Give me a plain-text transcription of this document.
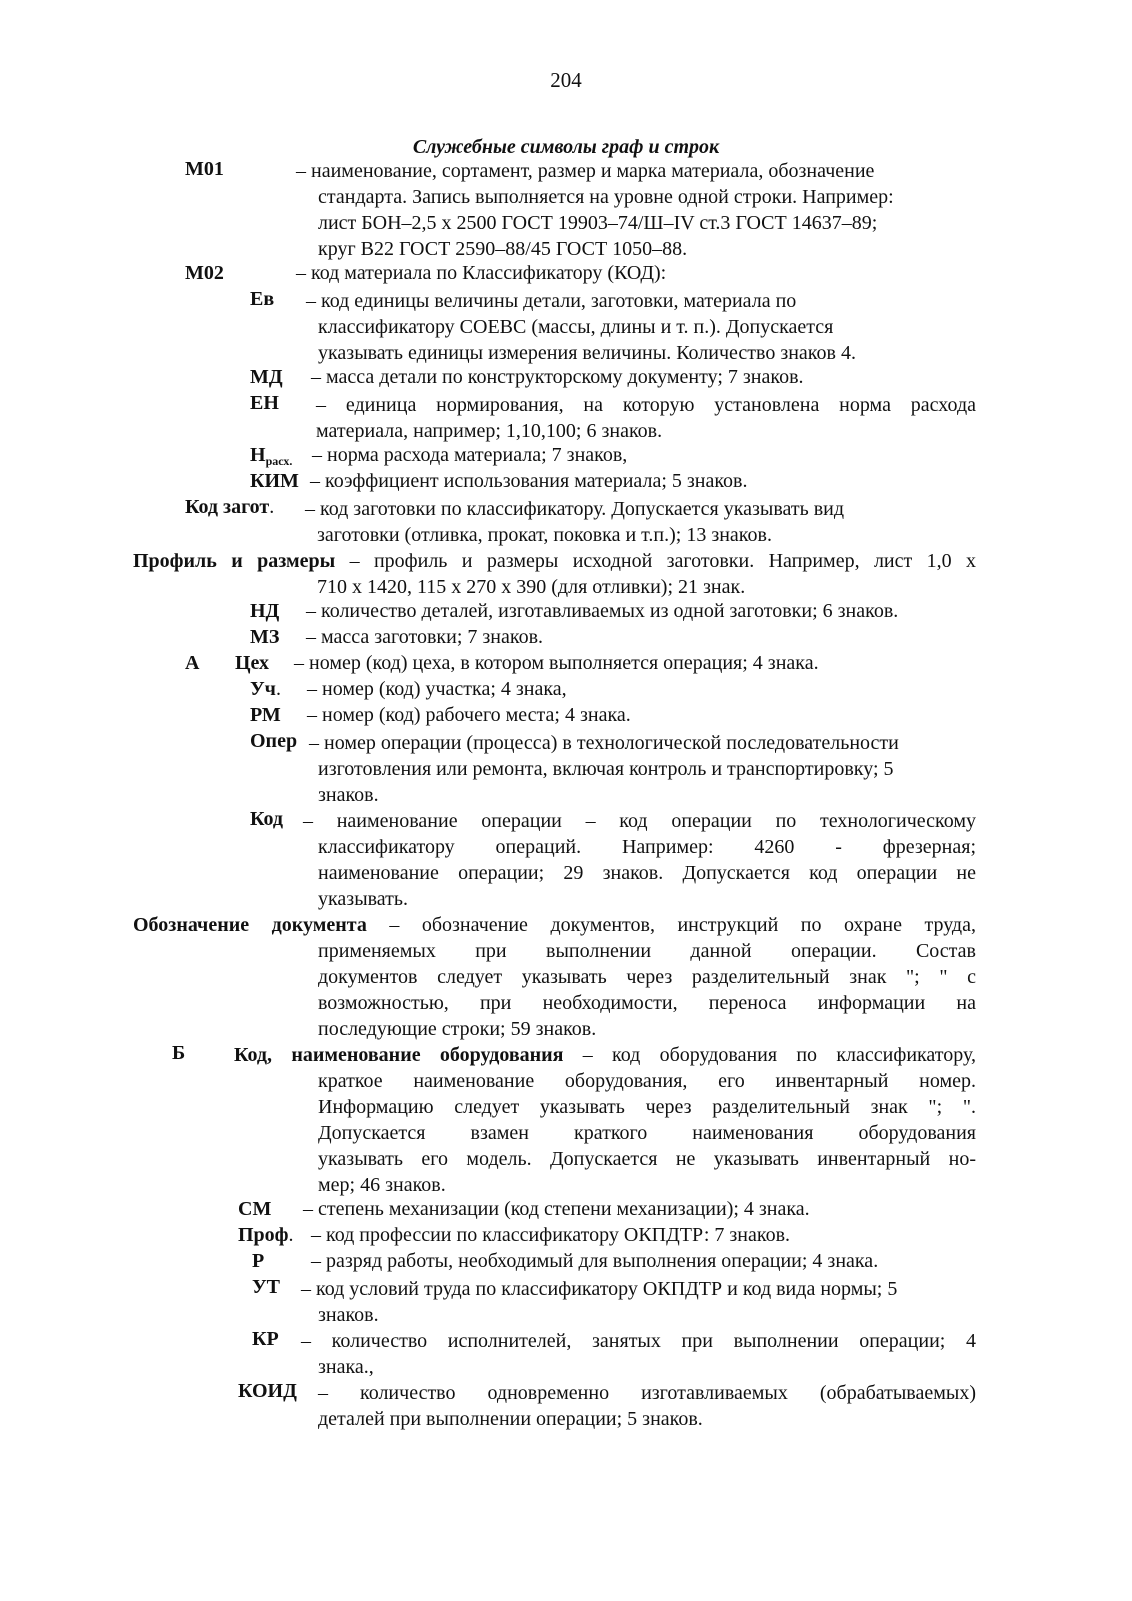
204
Служебные символы граф и строк
М01	– наименование, сортамент, размер и марка материала, обозначение
стандарта. Запись выполняется на уровне одной строки. Например:
лист БОН–2,5 х 2500 ГОСТ 19903–74/Ш–IV ст.3 ГОСТ 14637–89;
круг В22 ГОСТ 2590–88/45 ГОСТ 1050–88.
М02	– код материала по Классификатору (КОД):
Ев – код единицы величины детали, заготовки, материала по
классификатору СОЕВС (массы, длины и т. п.). Допускается
указывать единицы измерения величины. Количество знаков 4.
МД – масса детали по конструкторскому документу; 7 знаков.
ЕН – единица нормирования, на которую установлена норма расхода
материала, например; 1,10,100; 6 знаков.
$Н_{расх.}$ – норма расхода материала; 7 знаков,
КИМ – коэффициент использования материала; 5 знаков.
Код загот. – код заготовки по классификатору. Допускается указывать вид
заготовки (отливка, прокат, поковка и т.п.); 13 знаков.
Профиль и размеры – профиль и размеры исходной заготовки. Например, лист 1,0 х
710 х 1420, 115 х 270 х 390 (для отливки); 21 знак.
НД – количество деталей, изготавливаемых из одной заготовки; 6 знаков.
МЗ – масса заготовки; 7 знаков.
А Цех – номер (код) цеха, в котором выполняется операция; 4 знака.
Уч. – номер (код) участка; 4 знака,
РМ – номер (код) рабочего места; 4 знака.
Опер – номер операции (процесса) в технологической последовательности
изготовления или ремонта, включая контроль и транспортировку; 5
знаков.
Код – наименование операции – код операции по технологическому
классификатору операций. Например: 4260 - фрезерная;
наименование операции; 29 знаков. Допускается код операции не
указывать.
Обозначение документа – обозначение документов, инструкций по охране труда,
применяемых при выполнении данной операции. Состав
документов следует указывать через разделительный знак "; " с
возможностью, при необходимости, переноса информации на
последующие строки; 59 знаков.
Б Код, наименование оборудования – код оборудования по классификатору,
краткое наименование оборудования, его инвентарный номер.
Информацию следует указывать через разделительный знак "; ".
Допускается взамен краткого наименования оборудования
указывать его модель. Допускается не указывать инвентарный но-
мер; 46 знаков.
СМ – степень механизации (код степени механизации); 4 знака.
Проф. – код профессии по классификатору ОКПДТР: 7 знаков.
Р – разряд работы, необходимый для выполнения операции; 4 знака.
УТ – код условий труда по классификатору ОКПДТР и код вида нормы; 5
знаков.
КР – количество исполнителей, занятых при выполнении операции; 4
знака.,
КОИД – количество одновременно изготавливаемых (обрабатываемых)
деталей при выполнении операции; 5 знаков.
